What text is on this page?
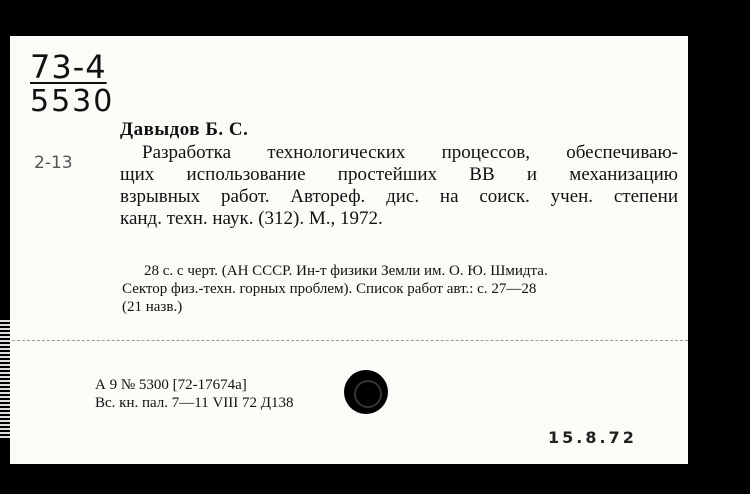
73-4
5530
2-13
Давыдов Б. С.
Разработка технологических процессов, обеспечиваю-
щих использование простейших ВВ и механизацию
взрывных работ. Автореф. дис. на соиск. учен. степени
канд. техн. наук. (312). М., 1972.
28 с. с черт. (АН СССР. Ин-т физики Земли им. О. Ю. Шмидта.
Сектор физ.-техн. горных проблем). Список работ авт.: с. 27—28
(21 назв.)
А 9 № 5300 [72-17674а]
Вс. кн. пал. 7—11 VIII 72 Д138
15.8.72
